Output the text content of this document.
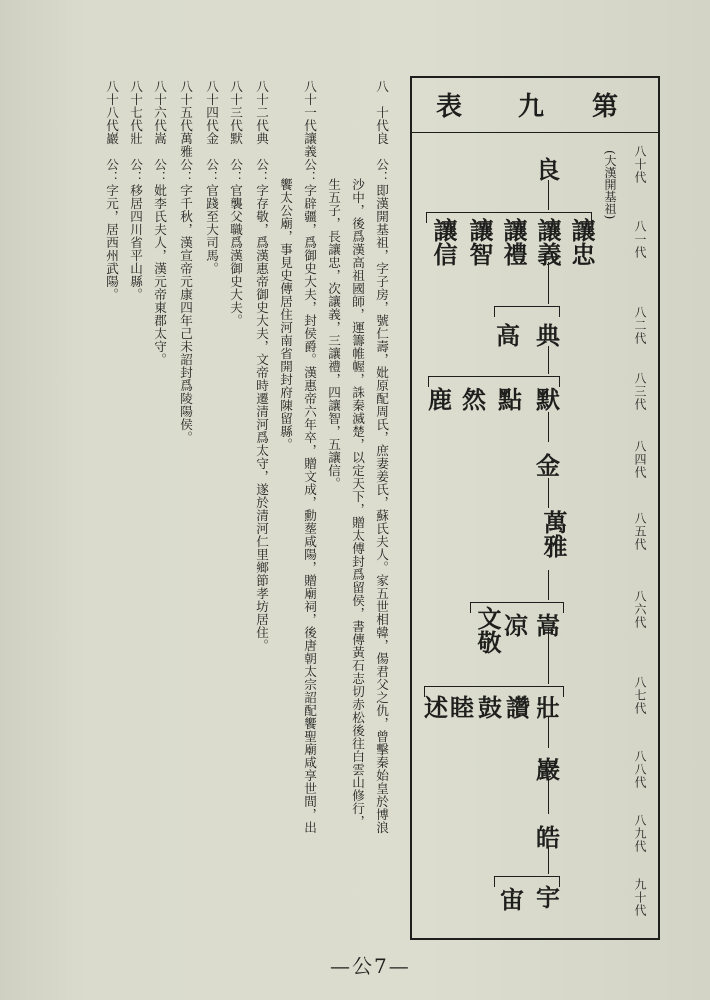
第
九
表
八十代
八一代
八二代
八三代
八四代
八五代
八六代
八七代
八八代
八九代
九十代
(大漢開基祖)
良
讓忠
讓義
讓禮
讓智
讓信
典
高
默
點
然
鹿
金
萬雅
嵩
凉
文敬
壯
讚
鼓
睦
述
巖
皓
宇
宙
八　十代良　公：即漢開基祖，字子房，號仁壽，妣原配周氏，庶妻姜氏，蘇氏夫人。家五世相韓，偒君父之仇，曾擊秦始皇於博浪
沙中，後爲漢高祖國師，運籌帷幄，誅秦滅楚，以定天下，贈太傅封爲留侯，書傳黃石志切赤松後往白雲山修行，
生五子，長讓忠，次讓義，三讓禮，四讓智，五讓信。
八十一代讓義公：字辟疆，爲御史大夫，封侯爵。漢惠帝六年卒，贈文成，勳塟咸陽，贈廟祠，後唐朝太宗詔配饗聖廟咸享世間，出
饗太公廟，事見史傳居住河南省開封府陳留縣。
八十二代典　公：字存敬，爲漢惠帝御史大夫，文帝時遷清河爲太守，遂於清河仁里鄉節孝坊居住。
八十三代默　公：官襲父職爲漢御史大夫。
八十四代金　公：官踐至大司馬。
八十五代萬雅公：字千秋，漢宣帝元康四年己未詔封爲陵陽侯。
八十六代嵩　公：妣李氏夫人，漢元帝東郡太守。
八十七代壯　公：移居四川省平山縣。
八十八代巖　公：字元，居西州武陽。
—公7—
